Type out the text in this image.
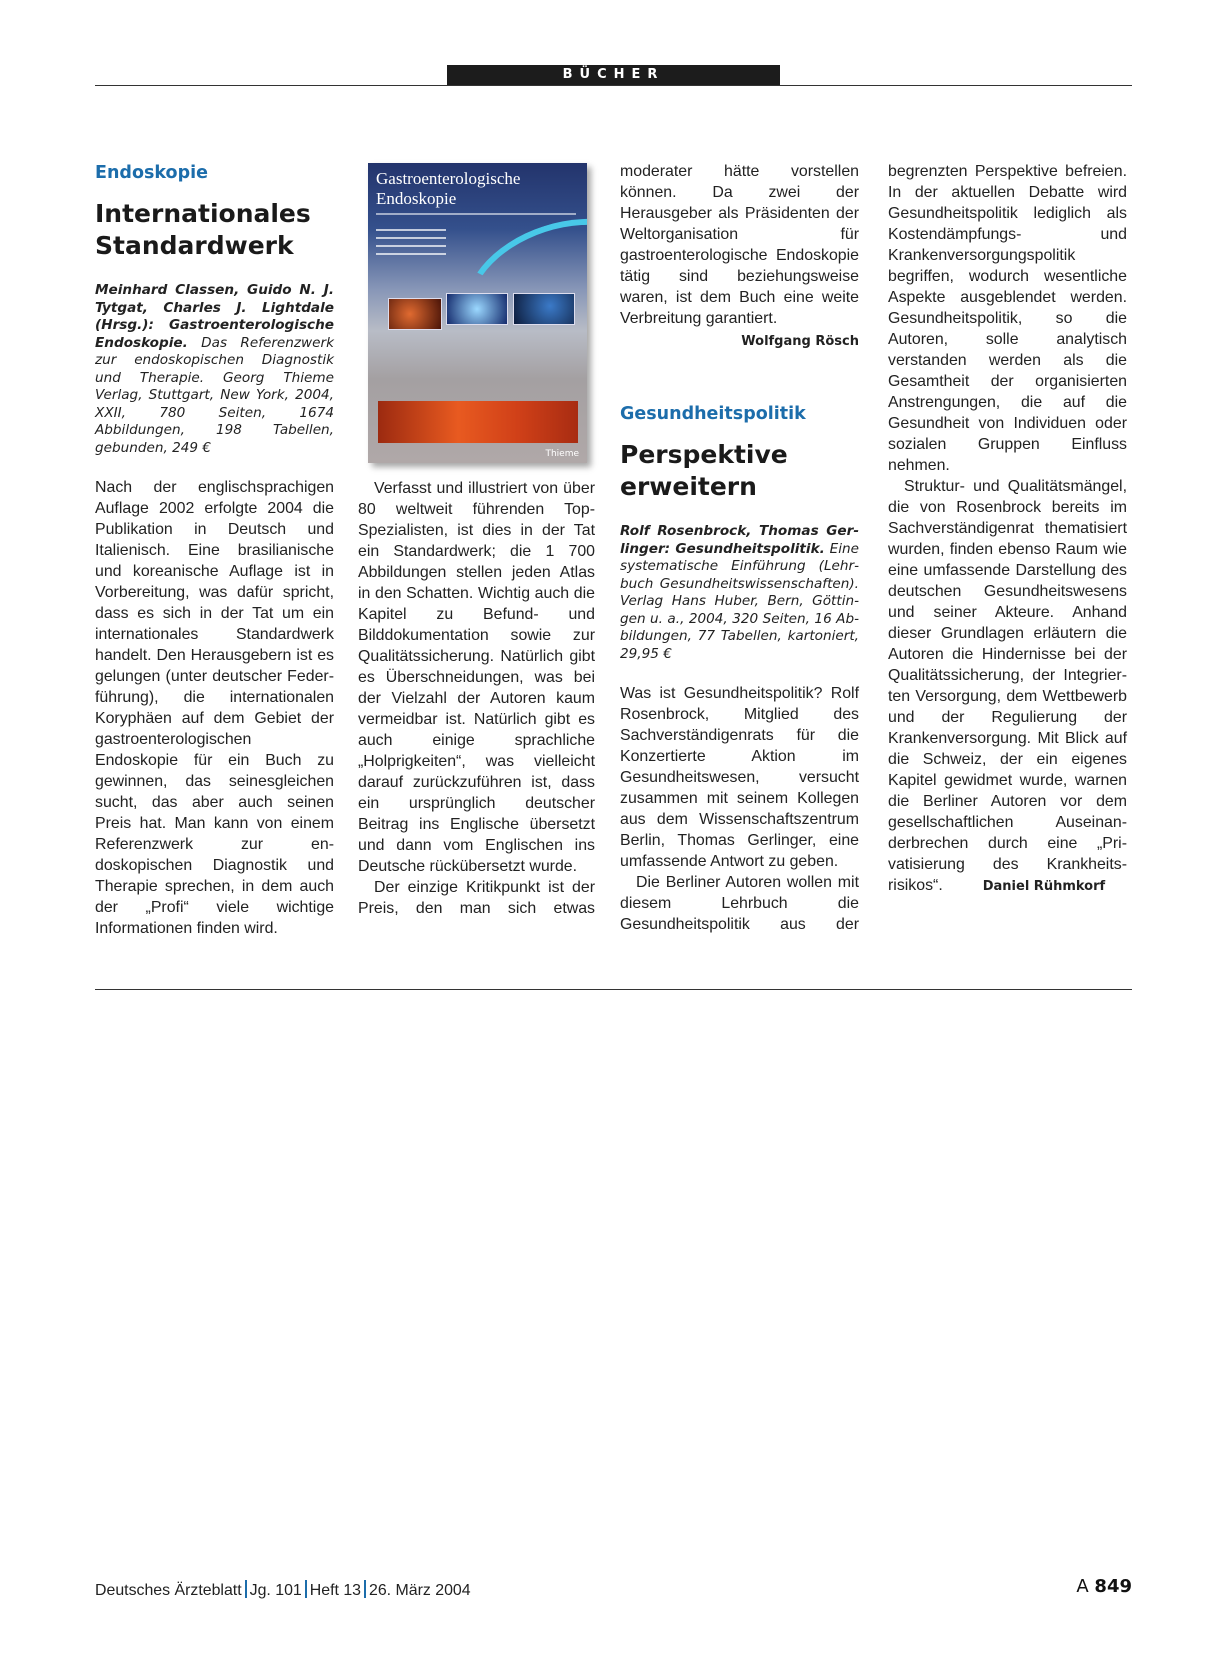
BÜCHER
Endoskopie
Internationales
Standardwerk
Meinhard Classen, Guido N. J. Tytgat, Charles J. Lightdale (Hrsg.): Gastroenterologische Endoskopie. Das Referenzwerk zur endoskopischen Diagnostik und Therapie. Georg Thieme Verlag, Stuttgart, New York, 2004, XXII, 780 Seiten, 1674 Abbildungen, 198 Tabellen, gebunden, 249 €

Nach der englischsprachigen Auflage 2002 erfolgte 2004 die Publikation in Deutsch und Italienisch. Eine brasilianische und koreanische Auflage ist in Vorbereitung, was dafür spricht, dass es sich in der Tat um ein internationales Standardwerk handelt. Den Herausgebern ist es gelungen (unter deutscher Federführung), die internationalen Koryphäen auf dem Gebiet der gastroenterologischen Endoskopie für ein Buch zu gewinnen, das seinesgleichen sucht, das aber auch seinen Preis hat. Man kann von einem Referenzwerk zur endoskopischen Diagnostik und Therapie sprechen, in dem auch der „Profi“ viele wichtige Informationen finden wird.

Gastroenterologische
Endoskopie
Thieme

Verfasst und illustriert von über 80 weltweit führenden Top-Spezialisten, ist dies in der Tat ein Standardwerk; die 1 700 Abbildungen stellen jeden Atlas in den Schatten. Wichtig auch die Kapitel zu Befund- und Bilddokumentation sowie zur Qualitätssicherung. Natürlich gibt es Überschneidungen, was bei der Vielzahl der Autoren kaum vermeidbar ist. Natürlich gibt es auch einige sprachliche „Holprigkeiten“, was vielleicht darauf zurückzuführen ist, dass ein ursprünglich deutscher Beitrag ins Englische übersetzt und dann vom Englischen ins Deutsche rückübersetzt wurde.

Der einzige Kritikpunkt ist der Preis, den man sich etwas

moderater hätte vorstellen können. Da zwei der Herausgeber als Präsidenten der Weltorganisation für gastroenterologische Endoskopie tätig sind beziehungsweise waren, ist dem Buch eine weite Verbreitung garantiert.

Wolfgang Rösch
Gesundheitspolitik
Perspektive
erweitern
Rolf Rosenbrock, Thomas Gerlinger: Gesundheitspolitik. Eine systematische Einführung (Lehrbuch Gesundheitswissenschaften). Verlag Hans Huber, Bern, Göttingen u. a., 2004, 320 Seiten, 16 Abbildungen, 77 Tabellen, kartoniert, 29,95 €

Was ist Gesundheitspolitik? Rolf Rosenbrock, Mitglied des Sachverständigenrats für die Konzertierte Aktion im Gesundheitswesen, versucht zusammen mit seinem Kollegen aus dem Wissenschaftszentrum Berlin, Thomas Gerlinger, eine umfassende Antwort zu geben.

Die Berliner Autoren wollen mit diesem Lehrbuch die Gesundheitspolitik aus der

begrenzten Perspektive befreien. In der aktuellen Debatte wird Gesundheitspolitik lediglich als Kostendämpfungs- und Krankenversorgungspolitik begriffen, wodurch wesentliche Aspekte ausgeblendet werden. Gesundheitspolitik, so die Autoren, solle analytisch verstanden werden als die Gesamtheit der organisierten Anstrengungen, die auf die Gesundheit von Individuen oder sozialen Gruppen Einfluss nehmen.

Struktur- und Qualitätsmängel, die von Rosenbrock bereits im Sachverständigenrat thematisiert wurden, finden ebenso Raum wie eine umfassende Darstellung des deutschen Gesundheitswesens und seiner Akteure. Anhand dieser Grundlagen erläutern die Autoren die Hindernisse bei der Qualitätssicherung, der Integrierten Versorgung, dem Wettbewerb und der Regulierung der Krankenversorgung. Mit Blick auf die Schweiz, der ein eigenes Kapitel gewidmet wurde, warnen die Berliner Autoren vor dem gesellschaftlichen Auseinanderbrechen durch eine „Privatisierung des Krankheitsrisikos“.	Daniel Rühmkorf

Deutsches Ärzteblatt Jg. 101 Heft 13 26. März 2004	A 849
